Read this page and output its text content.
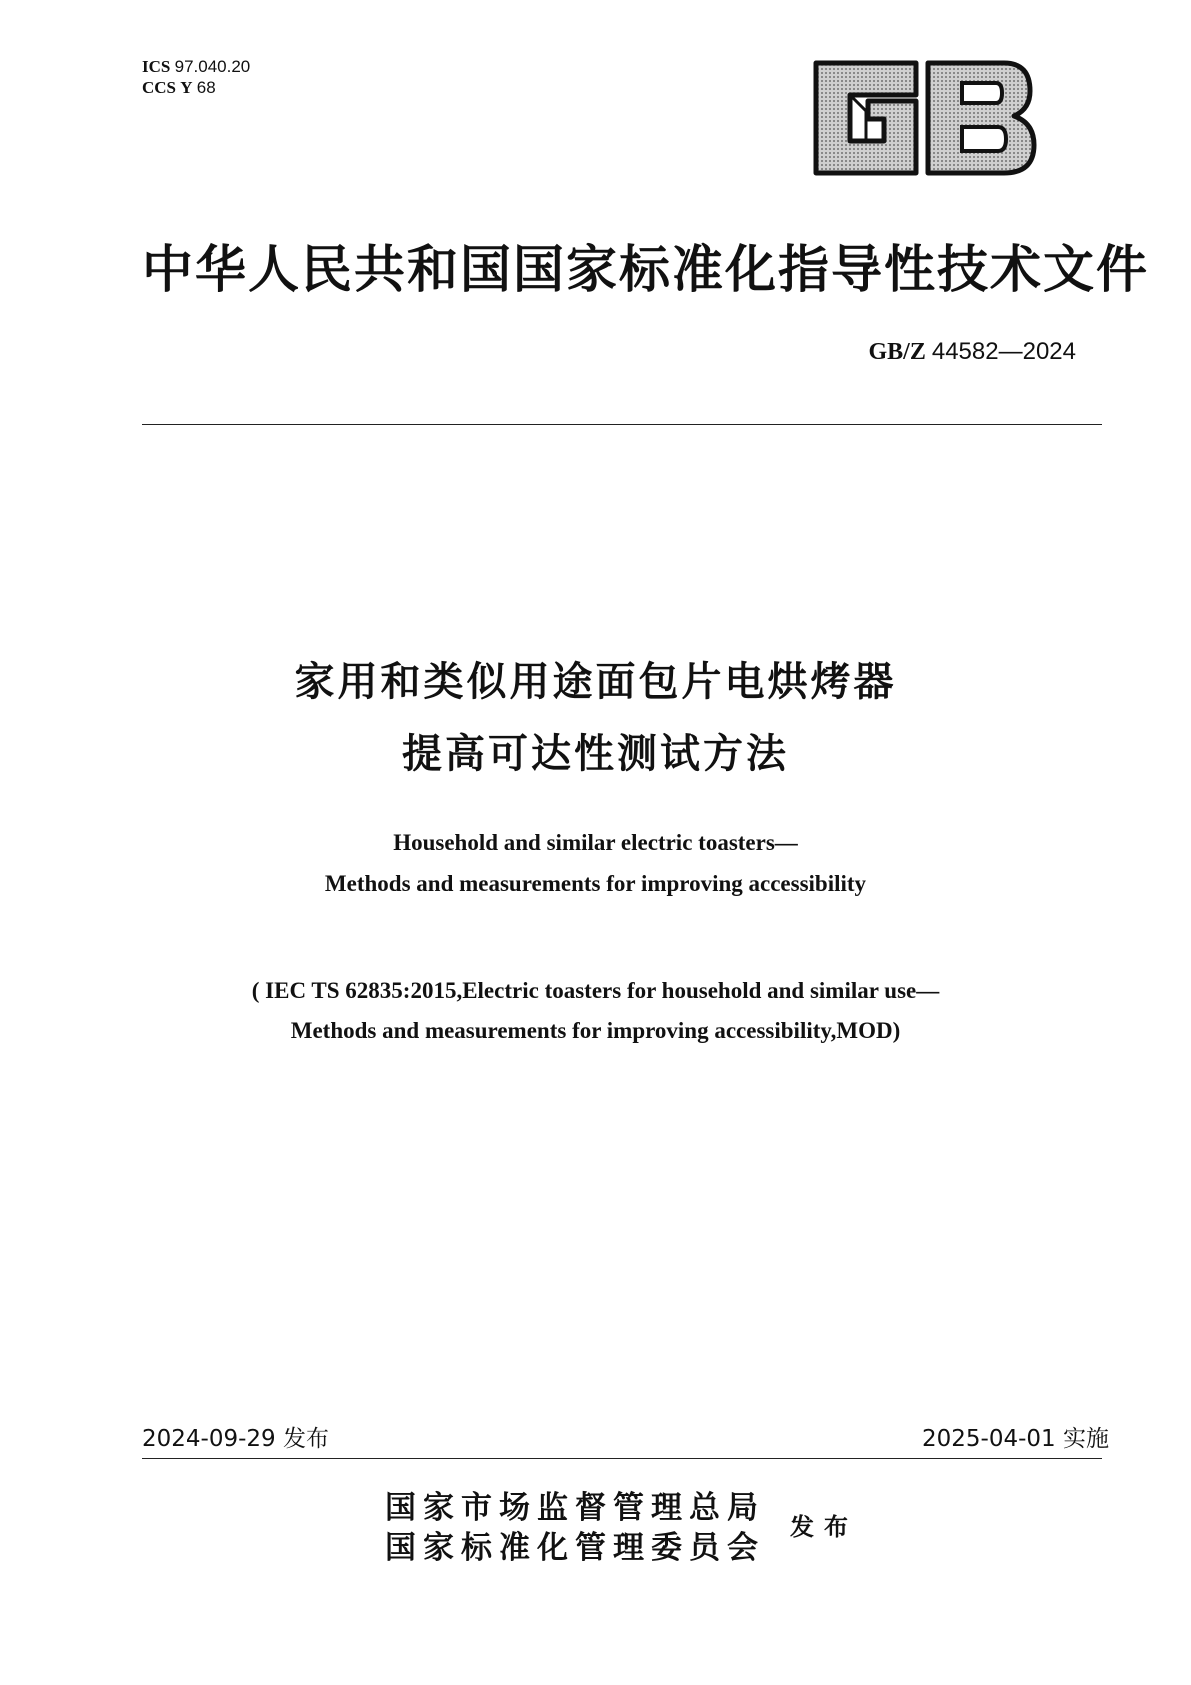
ICS 97.040.20
CCS Y 68
中华人民共和国国家标准化指导性技术文件
GB/Z 44582—2024
家用和类似用途面包片电烘烤器
提高可达性测试方法
Household and similar electric toasters—
Methods and measurements for improving accessibility
( IEC TS 62835:2015,Electric toasters for household and similar use—
Methods and measurements for improving accessibility,MOD)
2024-09-29 发布	2025-04-01 实施
国家市场监督管理总局
国家标准化管理委员会
发布
